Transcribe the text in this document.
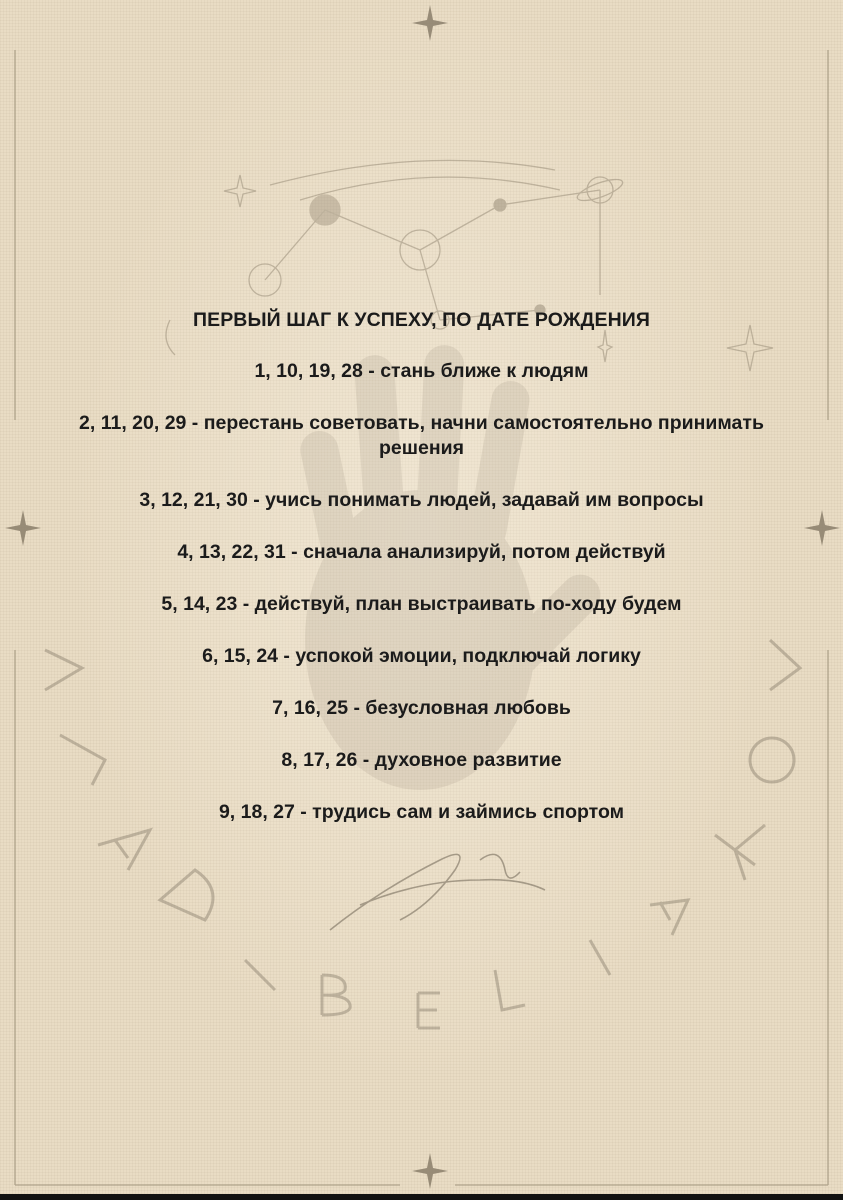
ПЕРВЫЙ ШАГ К УСПЕХУ, ПО ДАТЕ РОЖДЕНИЯ
1, 10, 19, 28 - стань ближе к людям
2, 11, 20, 29 - перестань советовать, начни самостоятельно принимать решения
3, 12, 21, 30 - учись понимать людей, задавай им вопросы
4, 13, 22, 31 - сначала анализируй, потом действуй
5, 14, 23 - действуй, план выстраивать по-ходу будем
6, 15, 24 - успокой эмоции, подключай логику
7, 16, 25 - безусловная любовь
8, 17, 26 - духовное развитие
9, 18, 27 - трудись сам и займись спортом
